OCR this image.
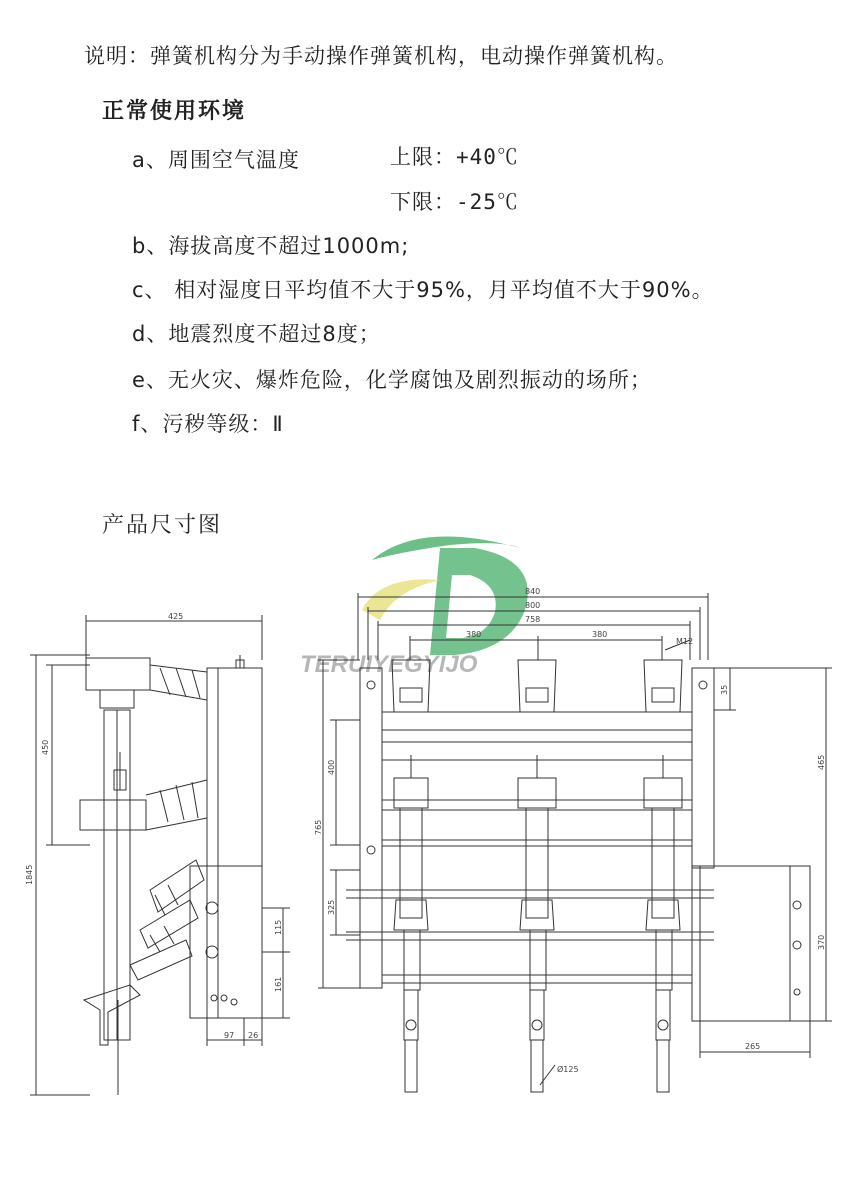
说明：弹簧机构分为手动操作弹簧机构，电动操作弹簧机构。
正常使用环境
a、周围空气温度	上限：+40℃
下限：-25℃
b、海拔高度不超过1000m;
c、 相对湿度日平均值不大于95%，月平均值不大于90%。
d、地震烈度不超过8度；
e、无火灾、爆炸危险，化学腐蚀及剧烈振动的场所；
f、污秽等级：Ⅱ
产品尺寸图
TERUIYEGYIJO
425
450
1845
115
161
97 26
840
800
758
380	380
M12
35
465
400
765
325
370
265
Ø125
